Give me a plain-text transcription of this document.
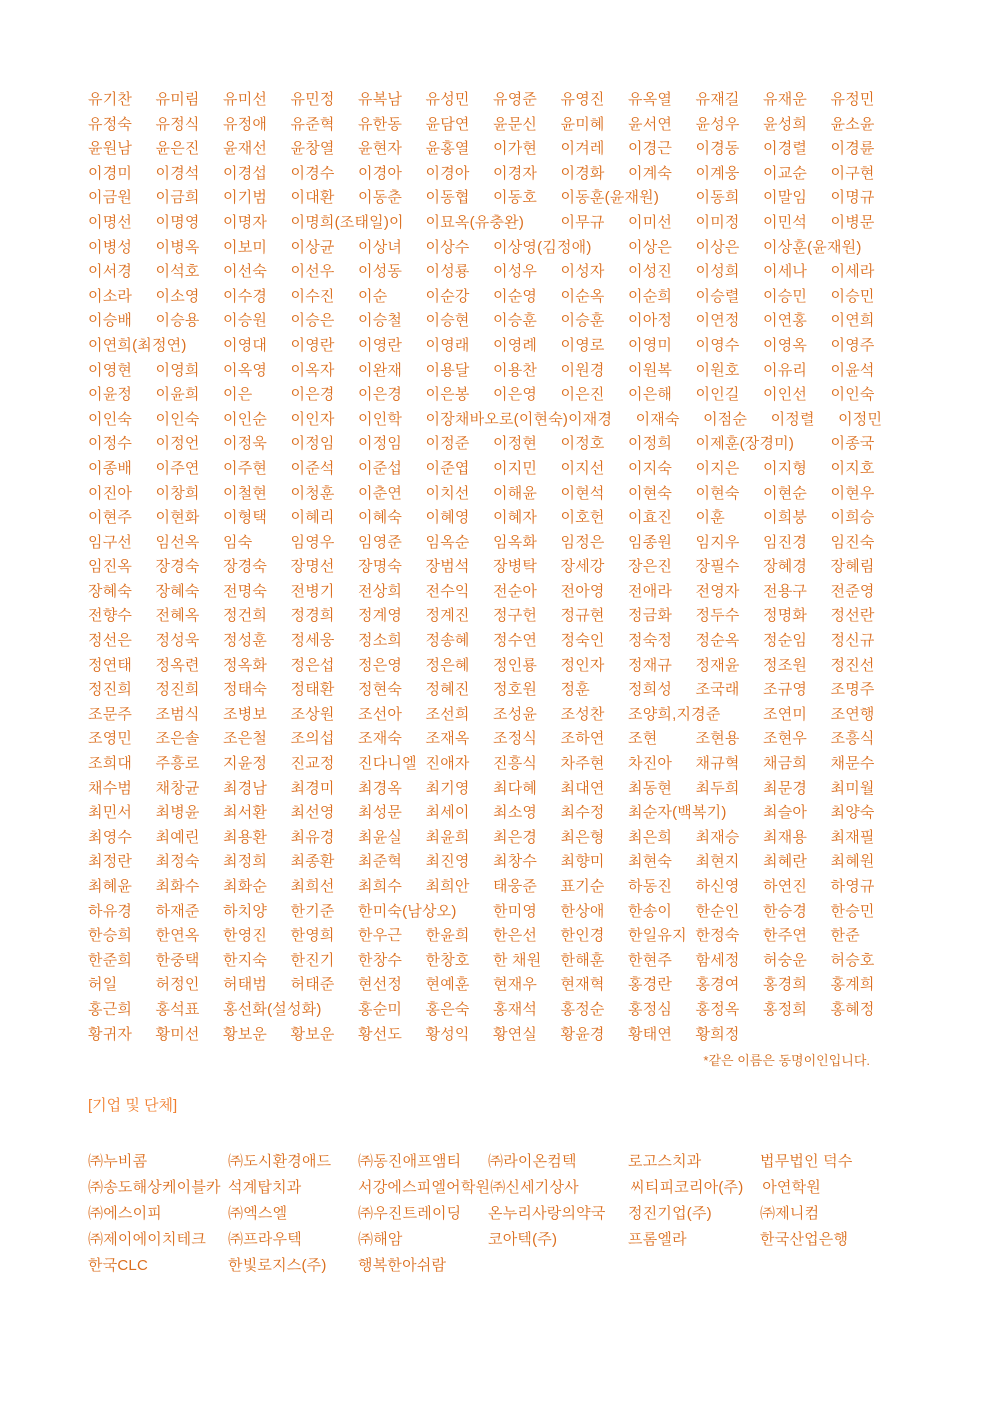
유기찬	유미림	유미선	유민정	유복남	유성민	유영준	유영진	유옥열	유재길	유재운	유정민
유정숙	유정식	유정애	유준혁	유한동	윤담연	윤문신	윤미혜	윤서연	윤성우	윤성희	윤소윤
윤원남	윤은진	윤재선	윤창열	윤현자	윤홍열	이가현	이겨레	이경근	이경동	이경렬	이경륜
이경미	이경석	이경섭	이경수	이경아	이경아	이경자	이경화	이계숙	이계웅	이교순	이구현
이금원	이금희	이기범	이대환	이동춘	이동협	이동호	이동훈(윤재원)	이동희	이말임	이명규
이명선	이명영	이명자	이명희(조태일)이	이묘옥(유충완)	이무규	이미선	이미정	이민석	이병문
이병성	이병옥	이보미	이상균	이상녀	이상수	이상영(김정애)	이상은	이상은	이상훈(윤재원)
이서경	이석호	이선숙	이선우	이성동	이성룡	이성우	이성자	이성진	이성희	이세나	이세라
이소라	이소영	이수경	이수진	이순	이순강	이순영	이순옥	이순희	이승렬	이승민	이승민
이승배	이승용	이승원	이승은	이승철	이승현	이승훈	이승훈	이아정	이연정	이연홍	이연희
이연희(최정연)	이영대	이영란	이영란	이영래	이영례	이영로	이영미	이영수	이영옥	이영주
이영현	이영희	이옥영	이옥자	이완재	이용달	이용찬	이원경	이원복	이원호	이유리	이윤석
이윤정	이윤희	이은	이은경	이은경	이은봉	이은영	이은진	이은해	이인길	이인선	이인숙
이인숙	이인숙	이인순	이인자	이인학	이장채바오로(이현숙) 이재경	이재숙	이점순	이정렬	이정민
이정수	이정언	이정욱	이정임	이정임	이정준	이정현	이정호	이정희	이제훈(장경미)	이종국
이종배	이주연	이주현	이준석	이준섭	이준엽	이지민	이지선	이지숙	이지은	이지형	이지호
이진아	이창희	이철현	이청훈	이춘연	이치선	이해윤	이현석	이현숙	이현숙	이현순	이현우
이현주	이현화	이형택	이혜리	이혜숙	이혜영	이혜자	이호헌	이효진	이훈	이희붕	이희승
임구선	임선옥	임숙	임영우	임영준	임옥순	임옥화	임정은	임종원	임지우	임진경	임진숙
임진옥	장경숙	장경숙	장명선	장명숙	장범석	장병탁	장세강	장은진	장필수	장혜경	장혜림
장혜숙	장혜숙	전명숙	전병기	전상희	전수익	전순아	전아영	전애라	전영자	전용구	전준영
전향수	전혜옥	정건희	정경희	정계영	정계진	정구헌	정규현	정금화	정두수	정명화	정선란
정선은	정성욱	정성훈	정세웅	정소희	정송혜	정수연	정숙인	정숙정	정순옥	정순임	정신규
정연태	정옥련	정옥화	정은섭	정은영	정은혜	정인룡	정인자	정재규	정재윤	정조원	정진선
정진희	정진희	정태숙	정태환	정현숙	정혜진	정호원	정훈	정희성	조국래	조규영	조명주
조문주	조범식	조병보	조상원	조선아	조선희	조성윤	조성찬	조양희,지경준	조연미	조연행
조영민	조은솔	조은철	조의섭	조재숙	조재옥	조정식	조하연	조현	조현용	조현우	조흥식
조희대	주흥로	지윤정	진교정	진다니엘 진애자	진흥식	차주현	차진아	채규혁	채금희	채문수
채수범	채창균	최경남	최경미	최경옥	최기영	최다혜	최대연	최동현	최두희	최문경	최미월
최민서	최병윤	최서환	최선영	최성문	최세이	최소영	최수정	최순자(백복기)	최슬아	최양숙
최영수	최예린	최용환	최유경	최윤실	최윤희	최은경	최은형	최은희	최재승	최재용	최재필
최정란	최정숙	최정희	최종환	최준혁	최진영	최창수	최향미	최현숙	최현지	최혜란	최혜원
최혜윤	최화수	최화순	최희선	최희수	최희안	태웅준	표기순	하동진	하신영	하연진	하영규
하유경	하재준	하치양	한기준	한미숙(남상오)	한미영	한상애	한송이	한순인	한승경	한승민
한승희	한연옥	한영진	한영희	한우근	한윤희	한은선	한인경	한일유지 한정숙	한주연	한준
한준희	한중택	한지숙	한진기	한창수	한창호	한 채원	한해훈	한현주	함세정	허숭운	허승호
허일	허정인	허태범	허태준	현선정	현예훈	현재우	현재혁	홍경란	홍경여	홍경희	홍계희
홍근희	홍석표	홍선화(설성화)	홍순미	홍은숙	홍재석	홍정순	홍정심	홍정옥	홍정희	홍혜정
황귀자	황미선	황보운	황보운	황선도	황성익	황연실	황윤경	황태연	황희정
*같은 이름은 동명이인입니다.
[기업 및 단체]
㈜누비콤	㈜도시환경애드	㈜동진애프앰티	㈜라이온컴텍	로고스치과	법무법인 덕수
㈜송도해상케이블카 석계탑치과	서강에스피엘어학원 ㈜신세기상사	씨티피코리아(주)	아연학원
㈜에스이피	㈜엑스엘	㈜우진트레이딩	온누리사랑의약국	정진기업(주)	㈜제니컴
㈜제이에이치테크	㈜프라우텍	㈜해암	코아텍(주)	프롬엘라	한국산업은행
한국CLC	한빛로지스(주)	행복한아쉬람
